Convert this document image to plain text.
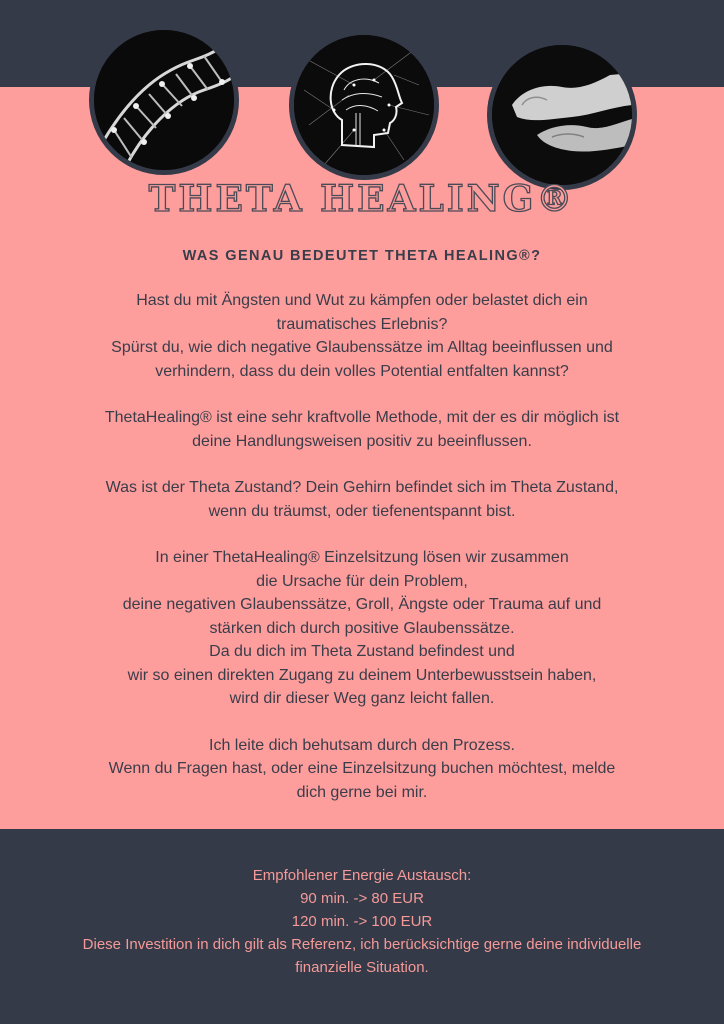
THETA HEALING®
WAS GENAU BEDEUTET THETA HEALING®?

Hast du mit Ängsten und Wut zu kämpfen oder belastet dich ein
traumatisches Erlebnis?
Spürst du, wie dich negative Glaubenssätze im Alltag beeinflussen und
verhindern, dass du dein volles Potential entfalten kannst?

ThetaHealing® ist eine sehr kraftvolle Methode, mit der es dir möglich ist
deine Handlungsweisen positiv zu beeinflussen.

Was ist der Theta Zustand? Dein Gehirn befindet sich im Theta Zustand,
wenn du träumst, oder tiefenentspannt bist.

In einer ThetaHealing® Einzelsitzung lösen wir zusammen
die Ursache für dein Problem,
deine negativen Glaubenssätze, Groll, Ängste oder Trauma auf und
stärken dich durch positive Glaubenssätze.
Da du dich im Theta Zustand befindest und
wir so einen direkten Zugang zu deinem Unterbewusstsein haben,
wird dir dieser Weg ganz leicht fallen.

Ich leite dich behutsam durch den Prozess.
Wenn du Fragen hast, oder eine Einzelsitzung buchen möchtest, melde
dich gerne bei mir.

Empfohlener Energie Austausch:
90 min. -> 80 EUR
120 min. -> 100 EUR
Diese Investition in dich gilt als Referenz, ich berücksichtige gerne deine individuelle
finanzielle Situation.
